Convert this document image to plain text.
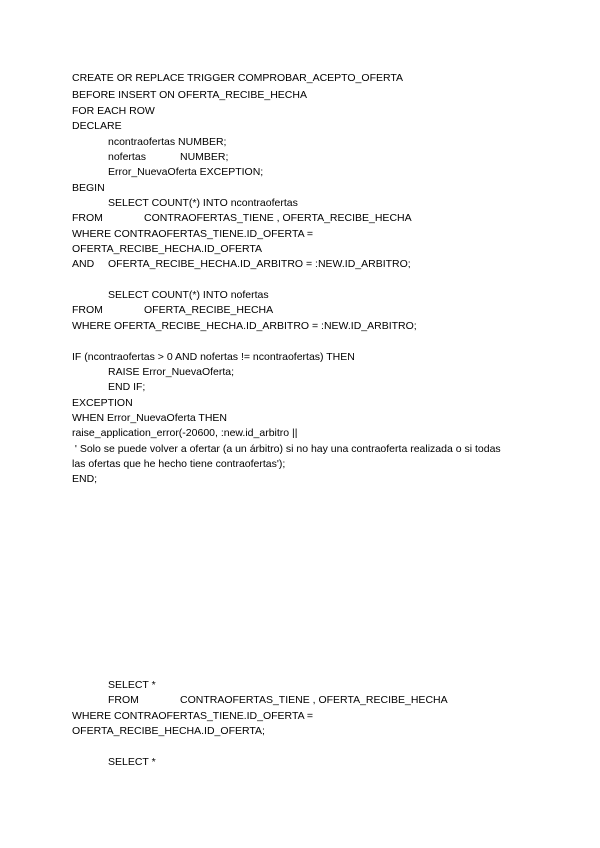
CREATE OR REPLACE TRIGGER COMPROBAR_ACEPTO_OFERTA
BEFORE INSERT ON OFERTA_RECIBE_HECHA
FOR EACH ROW
DECLARE
ncontraofertas NUMBER;
nofertas	NUMBER;
Error_NuevaOferta EXCEPTION;
BEGIN
SELECT COUNT(*) INTO ncontraofertas
FROM	CONTRAOFERTAS_TIENE , OFERTA_RECIBE_HECHA
WHERE CONTRAOFERTAS_TIENE.ID_OFERTA =
OFERTA_RECIBE_HECHA.ID_OFERTA
AND OFERTA_RECIBE_HECHA.ID_ARBITRO = :NEW.ID_ARBITRO;
SELECT COUNT(*) INTO nofertas
FROM	OFERTA_RECIBE_HECHA
WHERE OFERTA_RECIBE_HECHA.ID_ARBITRO = :NEW.ID_ARBITRO;
IF (ncontraofertas > 0 AND nofertas != ncontraofertas) THEN
RAISE Error_NuevaOferta;
END IF;
EXCEPTION
WHEN Error_NuevaOferta THEN
raise_application_error(-20600, :new.id_arbitro ||
' Solo se puede volver a ofertar (a un árbitro) si no hay una contraoferta realizada o si todas
las ofertas que he hecho tiene contraofertas');
END;
SELECT *
FROM	CONTRAOFERTAS_TIENE , OFERTA_RECIBE_HECHA
WHERE CONTRAOFERTAS_TIENE.ID_OFERTA =
OFERTA_RECIBE_HECHA.ID_OFERTA;
SELECT *
